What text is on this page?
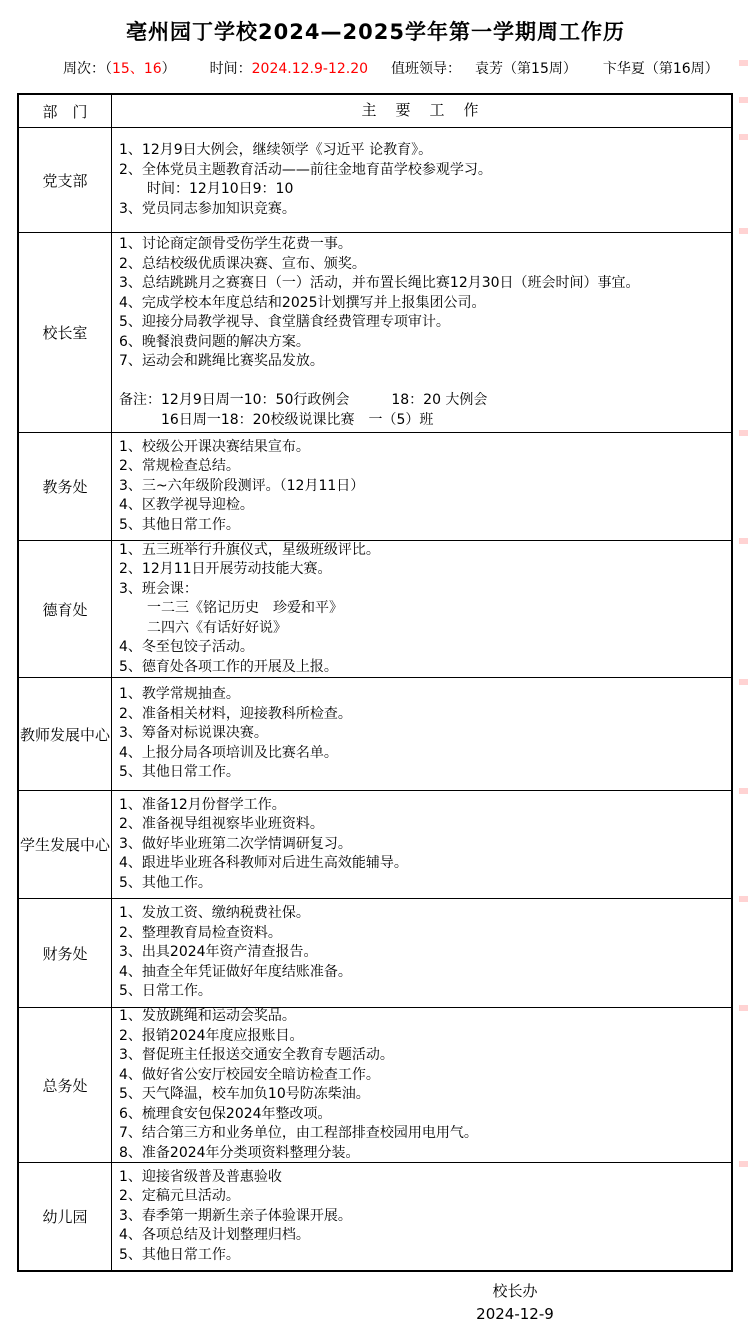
亳州园丁学校2024—2025学年第一学期周工作历
周次：（15、16） 时间：2024.12.9-12.20 值班领导： 袁芳（第15周） 卞华夏（第16周）
部　门	主　要　工　作
党支部
1、12月9日大例会，继续领学《习近平 论教育》。
2、全体党员主题教育活动——前往金地育苗学校参观学习。
　　时间：12月10日9：10
3、党员同志参加知识竞赛。
校长室
1、讨论商定颌骨受伤学生花费一事。
2、总结校级优质课决赛、宣布、颁奖。
3、总结跳跳月之赛赛日（一）活动，并布置长绳比赛12月30日（班会时间）事宜。
4、完成学校本年度总结和2025计划撰写并上报集团公司。
5、迎接分局教学视导、食堂膳食经费管理专项审计。
6、晚餐浪费问题的解决方案。
7、运动会和跳绳比赛奖品发放。

备注：12月9日周一10：50行政例会　　　18：20 大例会
　　　16日周一18：20校级说课比赛　一（5）班
教务处
1、校级公开课决赛结果宣布。
2、常规检查总结。
3、三~六年级阶段测评。（12月11日）
4、区教学视导迎检。
5、其他日常工作。
德育处
1、五三班举行升旗仪式，星级班级评比。
2、12月11日开展劳动技能大赛。
3、班会课：
　　一二三《铭记历史　珍爱和平》
　　二四六《有话好好说》
4、冬至包饺子活动。
5、德育处各项工作的开展及上报。
教师发展中心
1、教学常规抽查。
2、准备相关材料，迎接教科所检查。
3、筹备对标说课决赛。
4、上报分局各项培训及比赛名单。
5、其他日常工作。
学生发展中心
1、准备12月份督学工作。
2、准备视导组视察毕业班资料。
3、做好毕业班第二次学情调研复习。
4、跟进毕业班各科教师对后进生高效能辅导。
5、其他工作。
财务处
1、发放工资、缴纳税费社保。
2、整理教育局检查资料。
3、出具2024年资产清查报告。
4、抽查全年凭证做好年度结账准备。
5、日常工作。
总务处
1、发放跳绳和运动会奖品。
2、报销2024年度应报账目。
3、督促班主任报送交通安全教育专题活动。
4、做好省公安厅校园安全暗访检查工作。
5、天气降温，校车加负10号防冻柴油。
6、梳理食安包保2024年整改项。
7、结合第三方和业务单位，由工程部排查校园用电用气。
8、准备2024年分类项资料整理分装。
幼儿园
1、迎接省级普及普惠验收
2、定稿元旦活动。
3、春季第一期新生亲子体验课开展。
4、各项总结及计划整理归档。
5、其他日常工作。
校长办
2024-12-9
